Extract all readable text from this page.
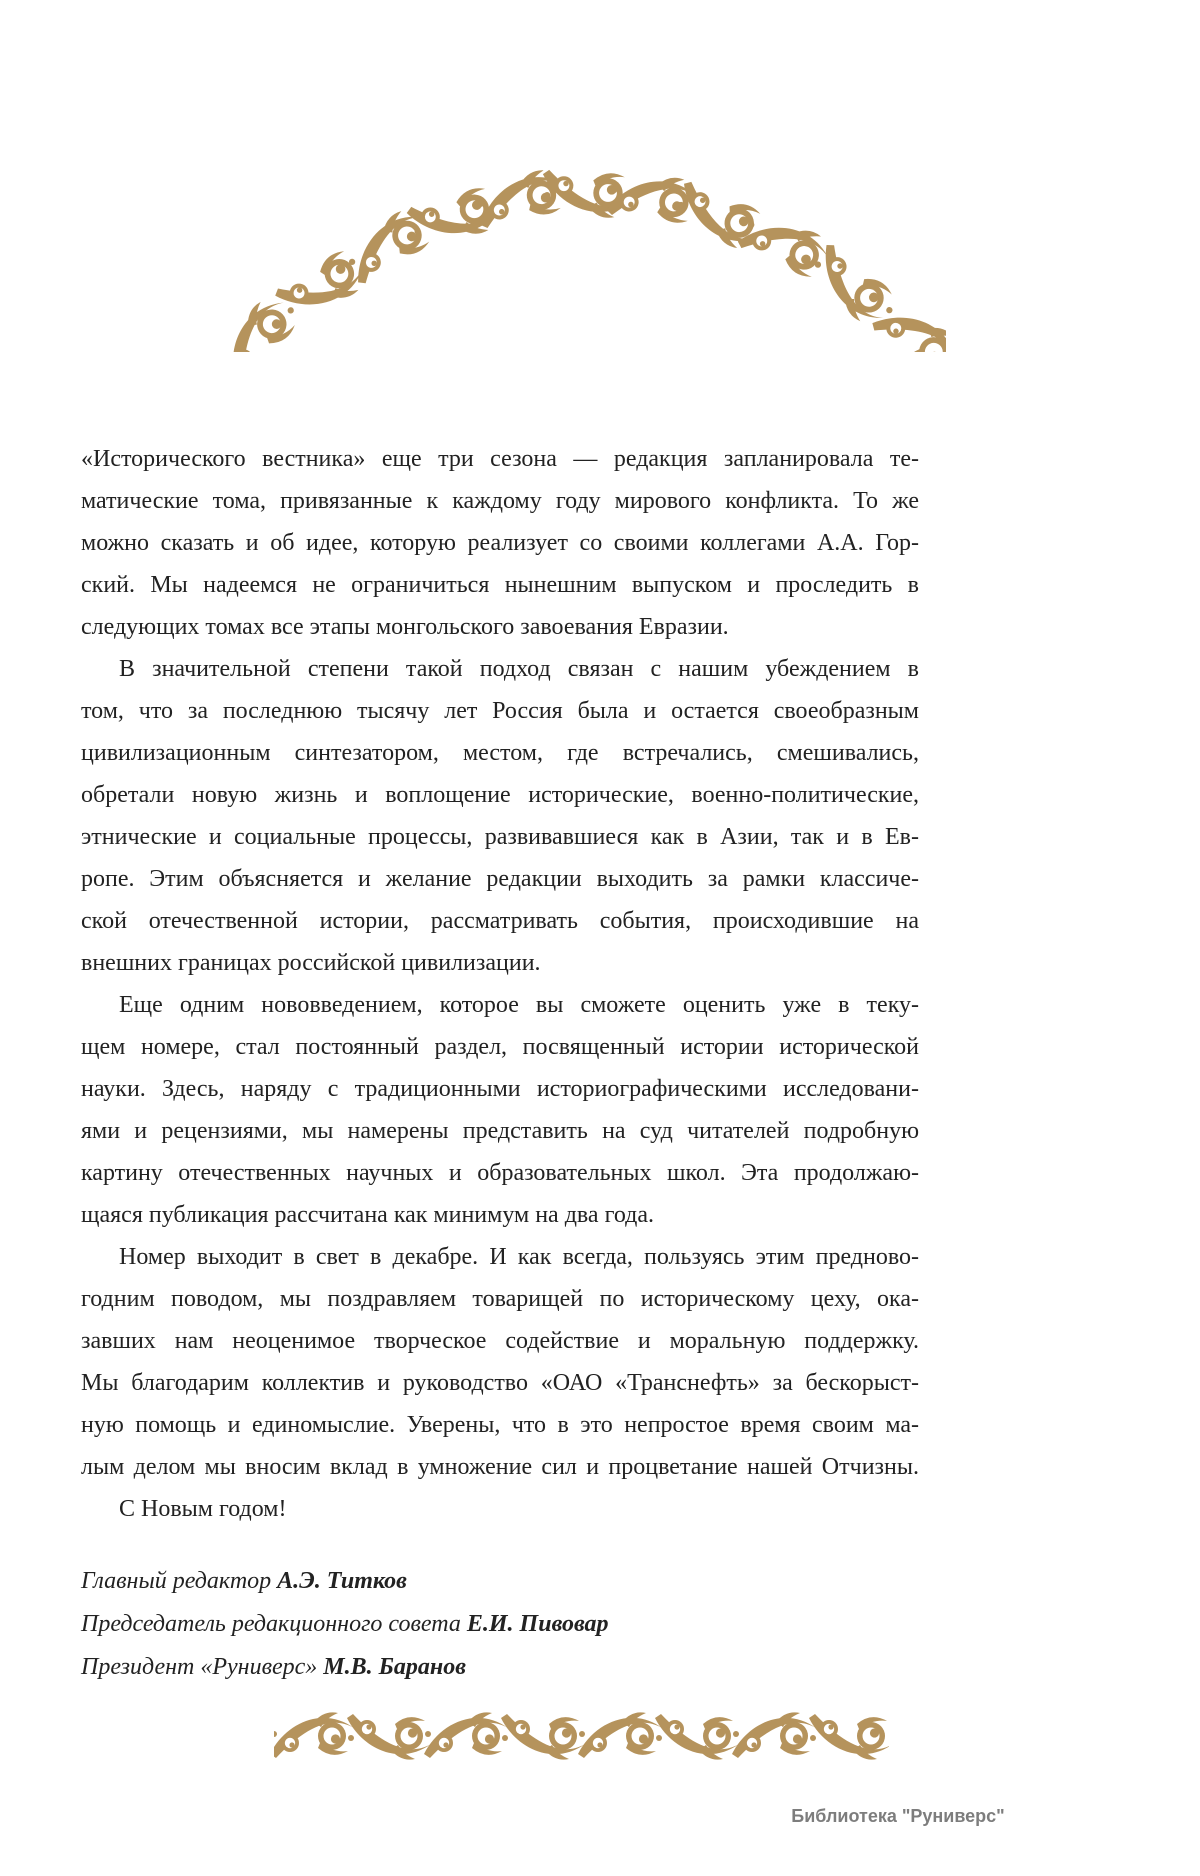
«Исторического вестника» еще три сезона — редакция запланировала те-
матические тома, привязанные к каждому году мирового конфликта. То же
можно сказать и об идее, которую реализует со своими коллегами А.А. Гор-
ский. Мы надеемся не ограничиться нынешним выпуском и проследить в
следующих томах все этапы монгольского завоевания Евразии.
В значительной степени такой подход связан с нашим убеждением в
том, что за последнюю тысячу лет Россия была и остается своеобразным
цивилизационным синтезатором, местом, где встречались, смешивались,
обретали новую жизнь и воплощение исторические, военно-политические,
этнические и социальные процессы, развивавшиеся как в Азии, так и в Ев-
ропе. Этим объясняется и желание редакции выходить за рамки классиче-
ской отечественной истории, рассматривать события, происходившие на
внешних границах российской цивилизации.
Еще одним нововведением, которое вы сможете оценить уже в теку-
щем номере, стал постоянный раздел, посвященный истории исторической
науки. Здесь, наряду с традиционными историографическими исследовани-
ями и рецензиями, мы намерены представить на суд читателей подробную
картину отечественных научных и образовательных школ. Эта продолжаю-
щаяся публикация рассчитана как минимум на два года.
Номер выходит в свет в декабре. И как всегда, пользуясь этим предново-
годним поводом, мы поздравляем товарищей по историческому цеху, ока-
завших нам неоценимое творческое содействие и моральную поддержку.
Мы благодарим коллектив и руководство «ОАО «Транснефть» за бескорыст-
ную помощь и единомыслие. Уверены, что в это непростое время своим ма-
лым делом мы вносим вклад в умножение сил и процветание нашей Отчизны.
С Новым годом!
Главный редактор А.Э. Титков
Председатель редакционного совета Е.И. Пивовар
Президент «Руниверс» М.В. Баранов
Библиотека "Руниверс"
